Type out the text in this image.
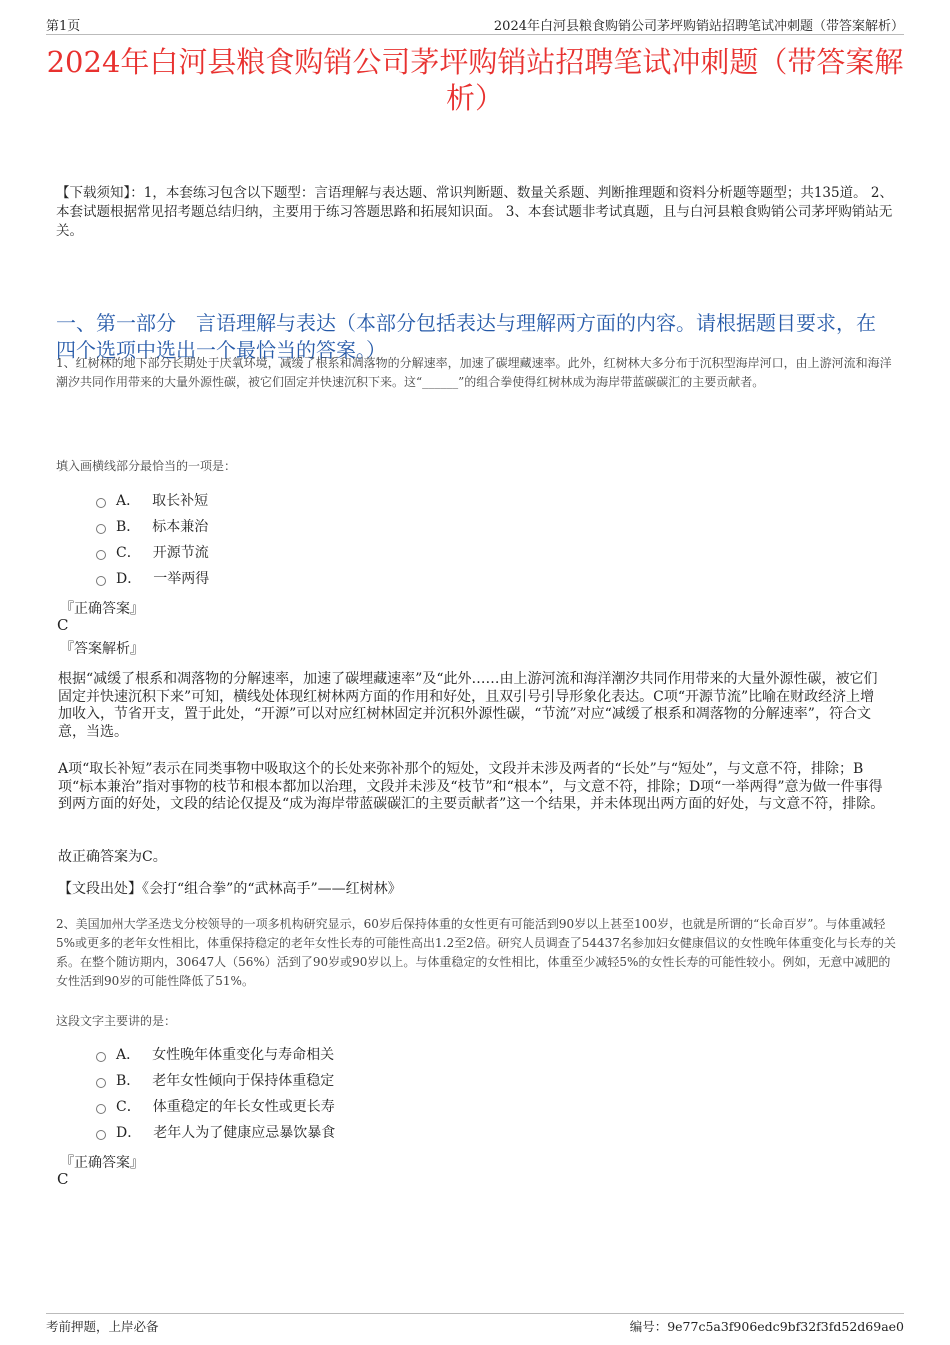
第1页	2024年白河县粮食购销公司茅坪购销站招聘笔试冲刺题（带答案解析）
2024年白河县粮食购销公司茅坪购销站招聘笔试冲刺题（带答案解析）
【下载须知】：1，本套练习包含以下题型：言语理解与表达题、常识判断题、数量关系题、判断推理题和资料分析题等题型；共135道。 2、本套试题根据常见招考题总结归纳，主要用于练习答题思路和拓展知识面。 3、本套试题非考试真题，且与白河县粮食购销公司茅坪购销站无关。
一、第一部分　言语理解与表达（本部分包括表达与理解两方面的内容。请根据题目要求，在四个选项中选出一个最恰当的答案。）
1、红树林的地下部分长期处于厌氧环境，减缓了根系和凋落物的分解速率，加速了碳埋藏速率。此外，红树林大多分布于沉积型海岸河口，由上游河流和海洋潮汐共同作用带来的大量外源性碳，被它们固定并快速沉积下来。这“______”的组合拳使得红树林成为海岸带蓝碳碳汇的主要贡献者。
填入画横线部分最恰当的一项是：
A． 取长补短
B． 标本兼治
C． 开源节流
D． 一举两得
『正确答案』
C
『答案解析』
根据“减缓了根系和凋落物的分解速率，加速了碳埋藏速率”及“此外……由上游河流和海洋潮汐共同作用带来的大量外源性碳，被它们固定并快速沉积下来”可知，横线处体现红树林两方面的作用和好处，且双引号引导形象化表达。C项“开源节流”比喻在财政经济上增加收入，节省开支，置于此处，“开源”可以对应红树林固定并沉积外源性碳，“节流”对应“减缓了根系和凋落物的分解速率”，符合文意，当选。
A项“取长补短”表示在同类事物中吸取这个的长处来弥补那个的短处，文段并未涉及两者的“长处”与“短处”，与文意不符，排除；B项“标本兼治”指对事物的枝节和根本都加以治理，文段并未涉及“枝节”和“根本”，与文意不符，排除；D项“一举两得”意为做一件事得到两方面的好处，文段的结论仅提及“成为海岸带蓝碳碳汇的主要贡献者”这一个结果，并未体现出两方面的好处，与文意不符，排除。
故正确答案为C。
【文段出处】《会打“组合拳”的“武林高手”——红树林》
2、美国加州大学圣迭戈分校领导的一项多机构研究显示，60岁后保持体重的女性更有可能活到90岁以上甚至100岁，也就是所谓的“长命百岁”。与体重减轻5%或更多的老年女性相比，体重保持稳定的老年女性长寿的可能性高出1.2至2倍。研究人员调查了54437名参加妇女健康倡议的女性晚年体重变化与长寿的关系。在整个随访期内，30647人（56%）活到了90岁或90岁以上。与体重稳定的女性相比，体重至少减轻5%的女性长寿的可能性较小。例如，无意中减肥的女性活到90岁的可能性降低了51%。
这段文字主要讲的是：
A． 女性晚年体重变化与寿命相关
B． 老年女性倾向于保持体重稳定
C． 体重稳定的年长女性或更长寿
D． 老年人为了健康应忌暴饮暴食
『正确答案』
C
考前押题，上岸必备	编号：9e77c5a3f906edc9bf32f3fd52d69ae0
